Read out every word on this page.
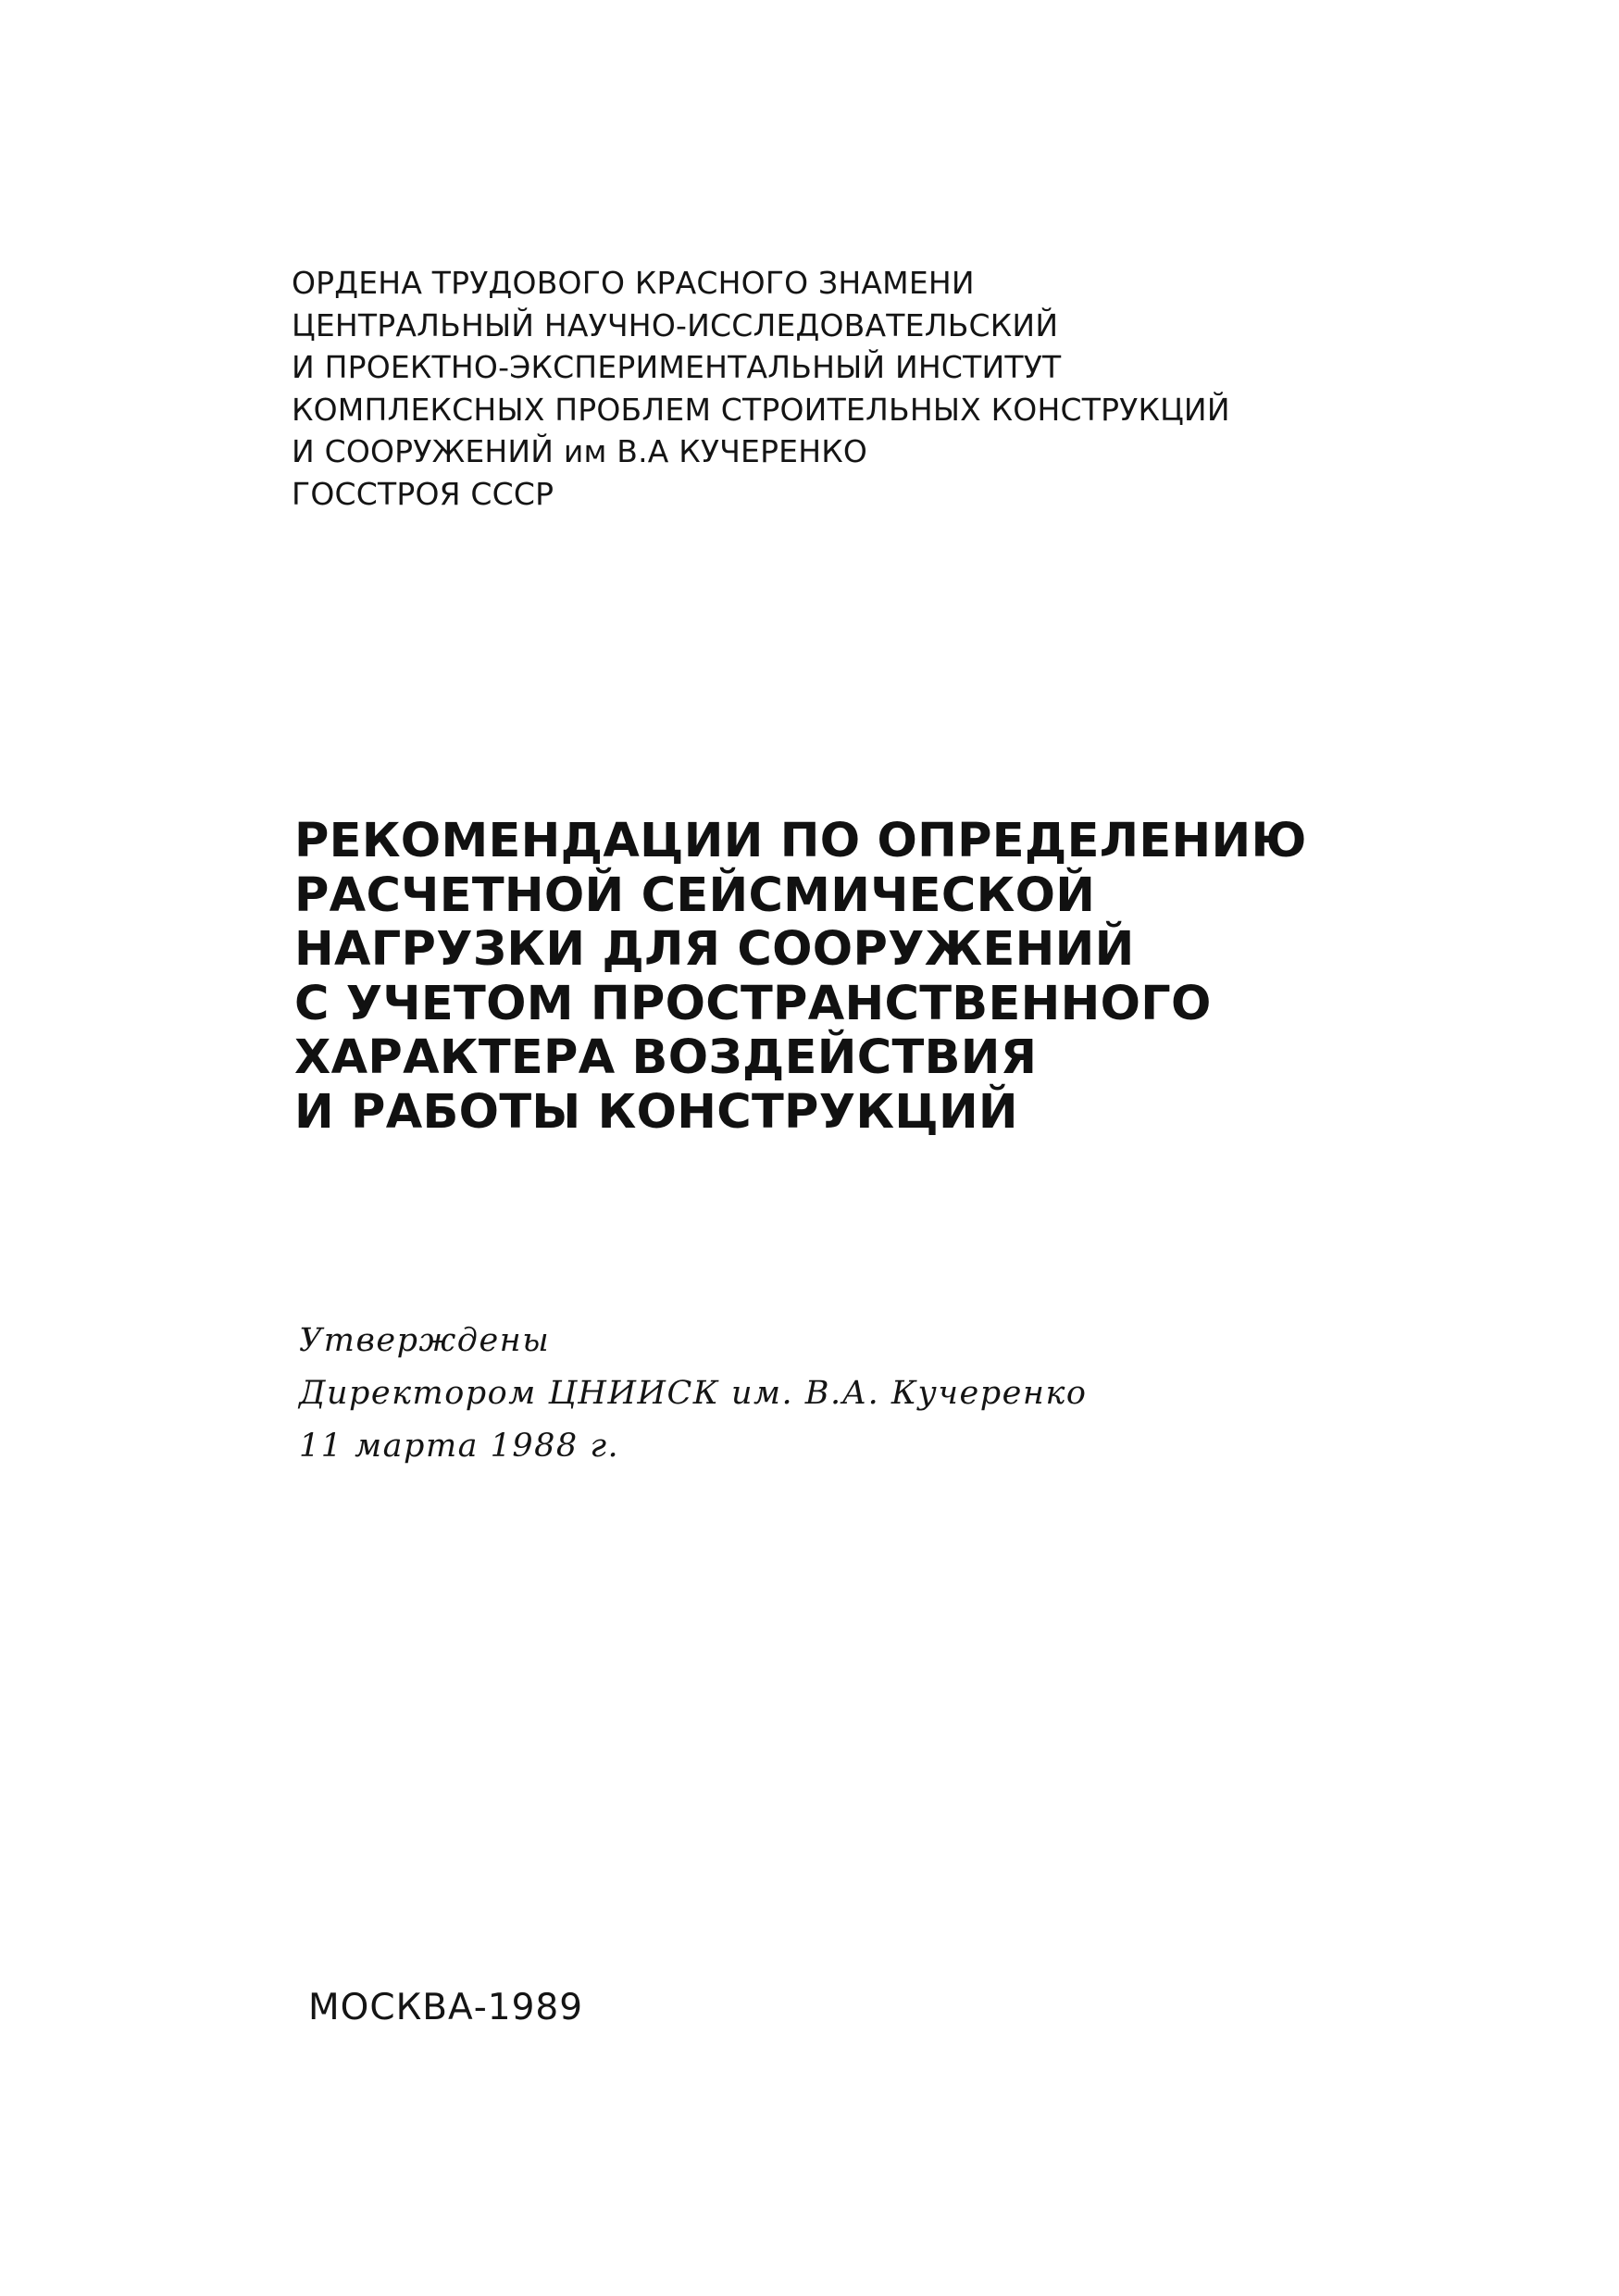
ОРДЕНА ТРУДОВОГО КРАСНОГО ЗНАМЕНИ
ЦЕНТРАЛЬНЫЙ НАУЧНО-ИССЛЕДОВАТЕЛЬСКИЙ
И ПРОЕКТНО-ЭКСПЕРИМЕНТАЛЬНЫЙ ИНСТИТУТ
КОМПЛЕКСНЫХ ПРОБЛЕМ СТРОИТЕЛЬНЫХ КОНСТРУКЦИЙ
И СООРУЖЕНИЙ им В.А КУЧЕРЕНКО
ГОССТРОЯ СССР
РЕКОМЕНДАЦИИ ПО ОПРЕДЕЛЕНИЮ
РАСЧЕТНОЙ СЕЙСМИЧЕСКОЙ
НАГРУЗКИ ДЛЯ СООРУЖЕНИЙ
С УЧЕТОМ ПРОСТРАНСТВЕННОГО
ХАРАКТЕРА ВОЗДЕЙСТВИЯ
И РАБОТЫ КОНСТРУКЦИЙ
Утверждены
Директором ЦНИИСК им. В.А. Кучеренко
11 марта 1988 г.
МОСКВА-1989
